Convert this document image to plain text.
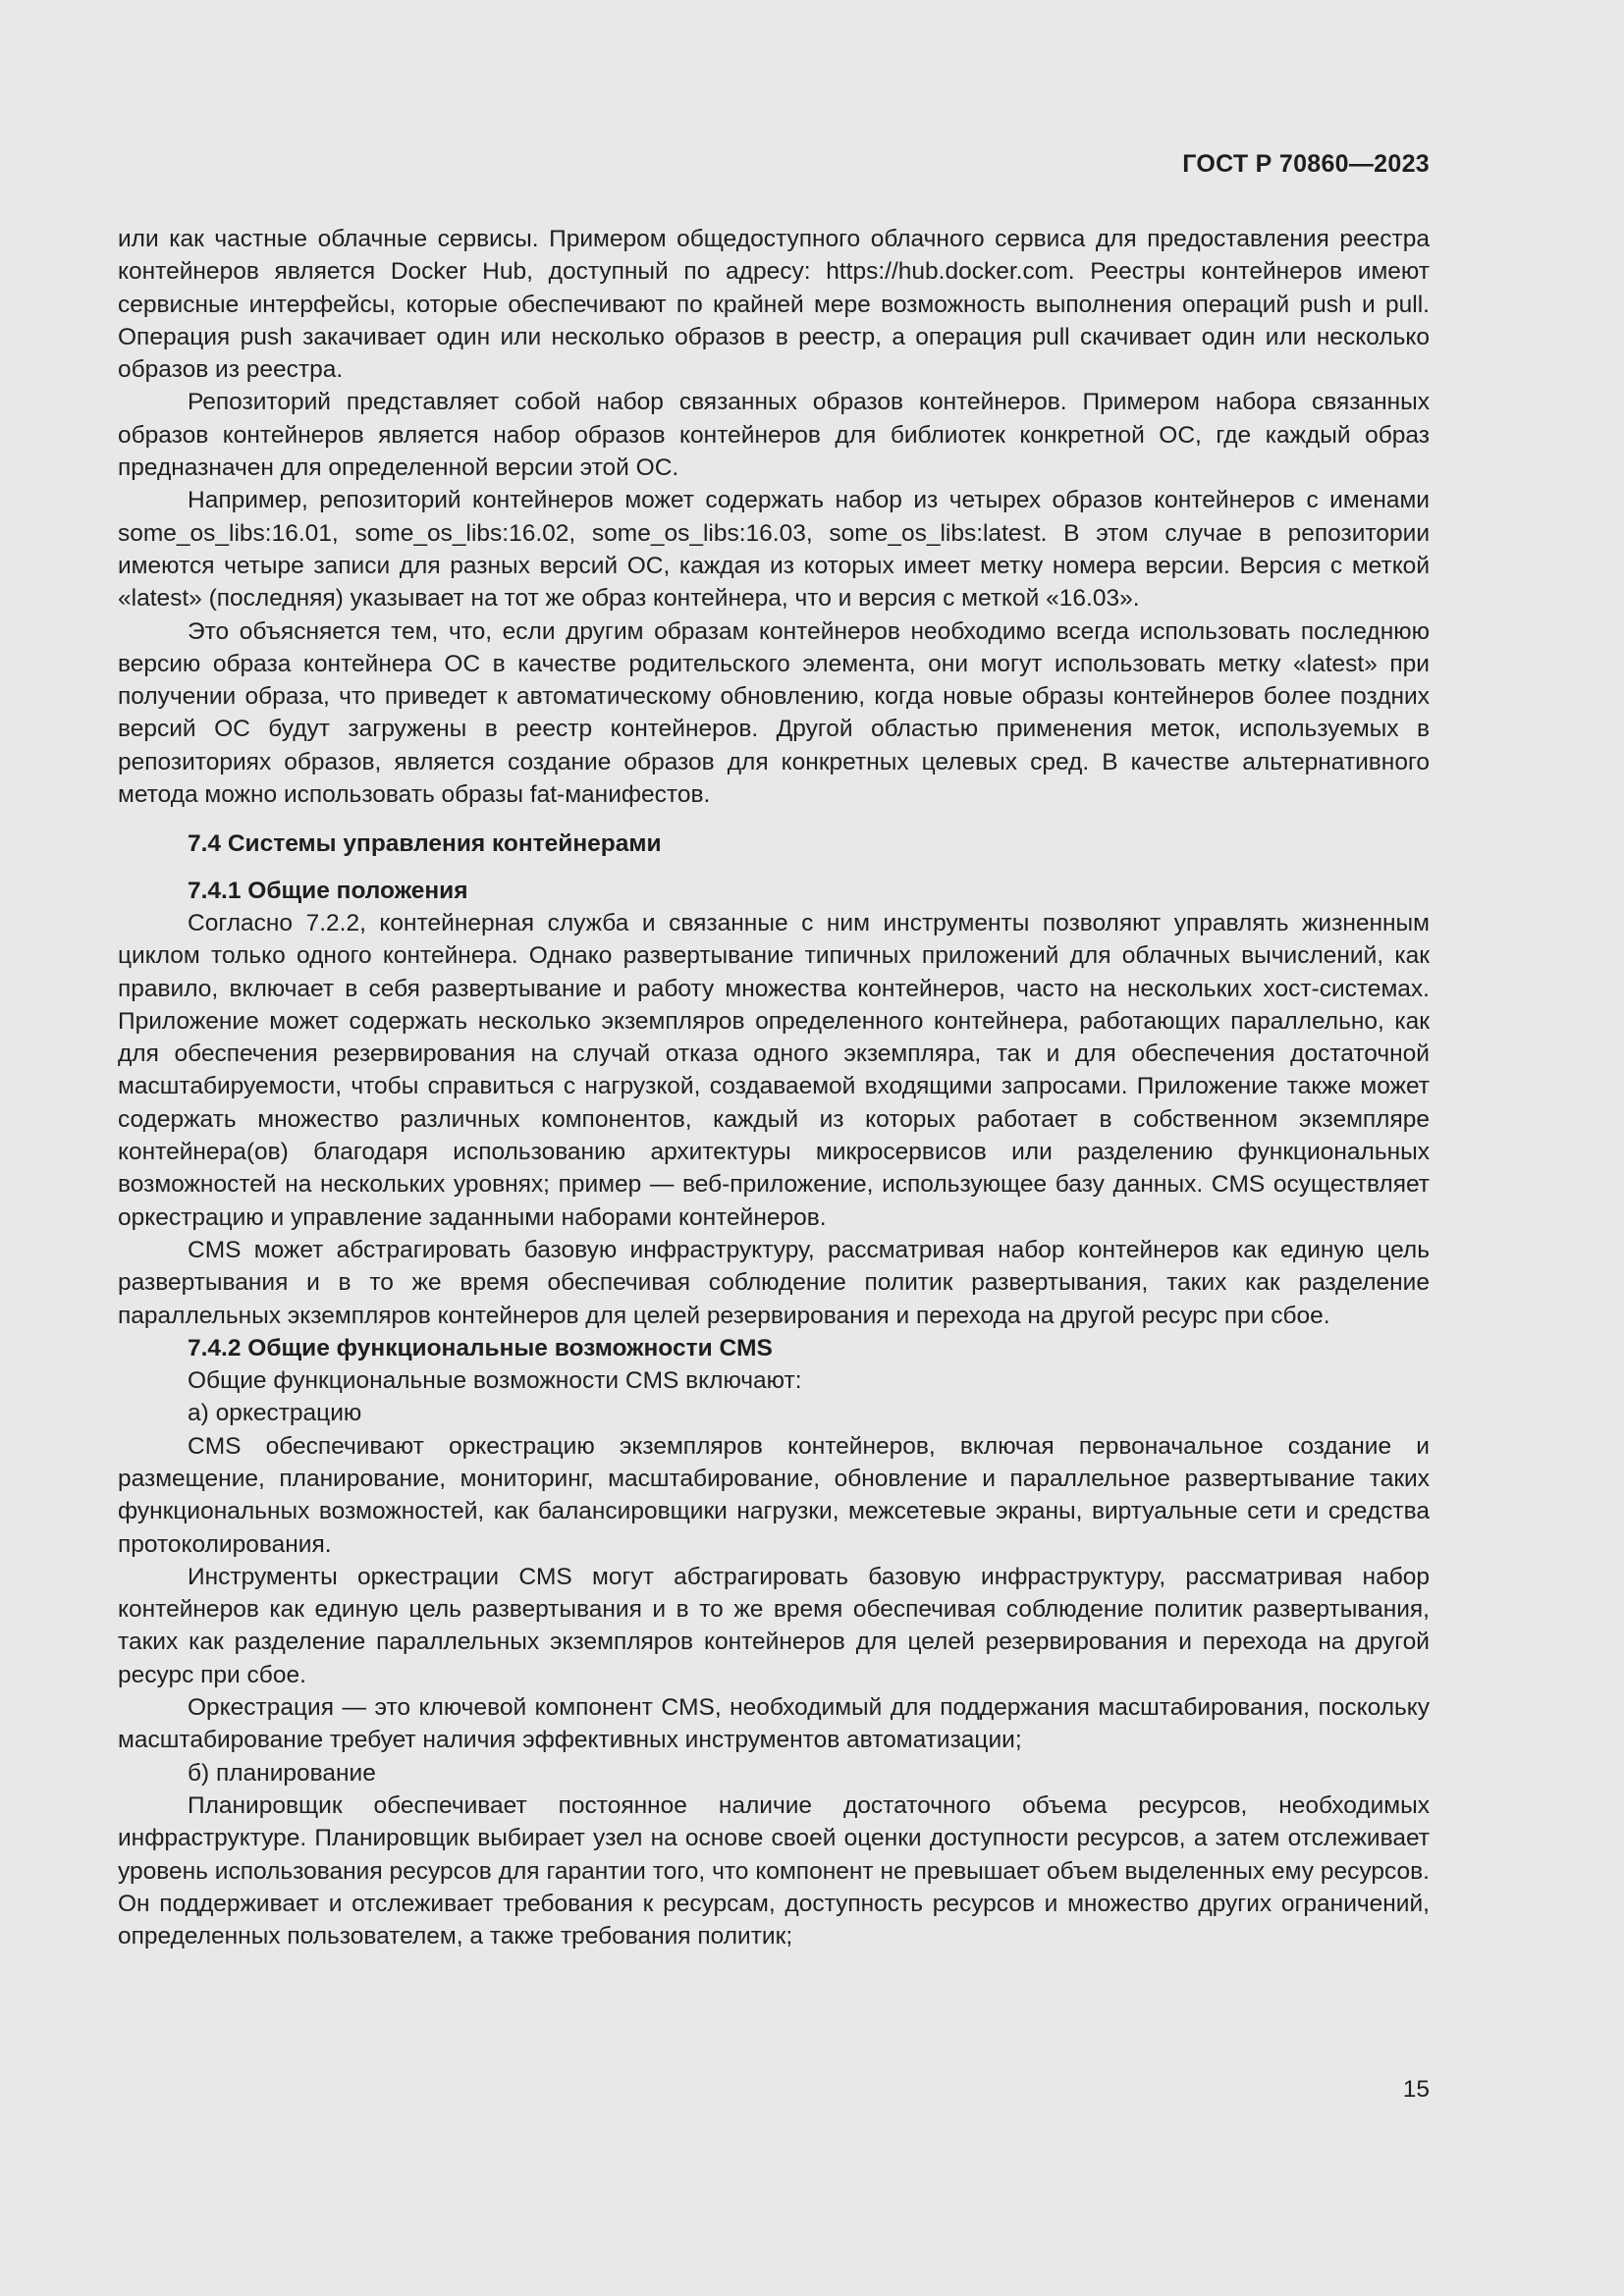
ГОСТ Р 70860—2023

или как частные облачные сервисы. Примером общедоступного облачного сервиса для предоставления реестра контейнеров является Docker Hub, доступный по адресу: https://hub.docker.com. Реестры контейнеров имеют сервисные интерфейсы, которые обеспечивают по крайней мере возможность выполнения операций push и pull. Операция push закачивает один или несколько образов в реестр, а операция pull скачивает один или несколько образов из реестра.

Репозиторий представляет собой набор связанных образов контейнеров. Примером набора связанных образов контейнеров является набор образов контейнеров для библиотек конкретной ОС, где каждый образ предназначен для определенной версии этой ОС.

Например, репозиторий контейнеров может содержать набор из четырех образов контейнеров с именами some_os_libs:16.01, some_os_libs:16.02, some_os_libs:16.03, some_os_libs:latest. В этом случае в репозитории имеются четыре записи для разных версий ОС, каждая из которых имеет метку номера версии. Версия с меткой «latest» (последняя) указывает на тот же образ контейнера, что и версия с меткой «16.03».

Это объясняется тем, что, если другим образам контейнеров необходимо всегда использовать последнюю версию образа контейнера ОС в качестве родительского элемента, они могут использовать метку «latest» при получении образа, что приведет к автоматическому обновлению, когда новые образы контейнеров более поздних версий ОС будут загружены в реестр контейнеров. Другой областью применения меток, используемых в репозиториях образов, является создание образов для конкретных целевых сред. В качестве альтернативного метода можно использовать образы fat-манифестов.

7.4 Системы управления контейнерами
7.4.1 Общие положения

Согласно 7.2.2, контейнерная служба и связанные с ним инструменты позволяют управлять жизненным циклом только одного контейнера. Однако развертывание типичных приложений для облачных вычислений, как правило, включает в себя развертывание и работу множества контейнеров, часто на нескольких хост-системах. Приложение может содержать несколько экземпляров определенного контейнера, работающих параллельно, как для обеспечения резервирования на случай отказа одного экземпляра, так и для обеспечения достаточной масштабируемости, чтобы справиться с нагрузкой, создаваемой входящими запросами. Приложение также может содержать множество различных компонентов, каждый из которых работает в собственном экземпляре контейнера(ов) благодаря использованию архитектуры микросервисов или разделению функциональных возможностей на нескольких уровнях; пример — веб-приложение, использующее базу данных. CMS осуществляет оркестрацию и управление заданными наборами контейнеров.

CMS может абстрагировать базовую инфраструктуру, рассматривая набор контейнеров как единую цель развертывания и в то же время обеспечивая соблюдение политик развертывания, таких как разделение параллельных экземпляров контейнеров для целей резервирования и перехода на другой ресурс при сбое.

7.4.2 Общие функциональные возможности CMS

Общие функциональные возможности CMS включают:

а) оркестрацию

CMS обеспечивают оркестрацию экземпляров контейнеров, включая первоначальное создание и размещение, планирование, мониторинг, масштабирование, обновление и параллельное развертывание таких функциональных возможностей, как балансировщики нагрузки, межсетевые экраны, виртуальные сети и средства протоколирования.

Инструменты оркестрации CMS могут абстрагировать базовую инфраструктуру, рассматривая набор контейнеров как единую цель развертывания и в то же время обеспечивая соблюдение политик развертывания, таких как разделение параллельных экземпляров контейнеров для целей резервирования и перехода на другой ресурс при сбое.

Оркестрация — это ключевой компонент CMS, необходимый для поддержания масштабирования, поскольку масштабирование требует наличия эффективных инструментов автоматизации;

б) планирование

Планировщик обеспечивает постоянное наличие достаточного объема ресурсов, необходимых инфраструктуре. Планировщик выбирает узел на основе своей оценки доступности ресурсов, а затем отслеживает уровень использования ресурсов для гарантии того, что компонент не превышает объем выделенных ему ресурсов. Он поддерживает и отслеживает требования к ресурсам, доступность ресурсов и множество других ограничений, определенных пользователем, а также требования политик;

15
